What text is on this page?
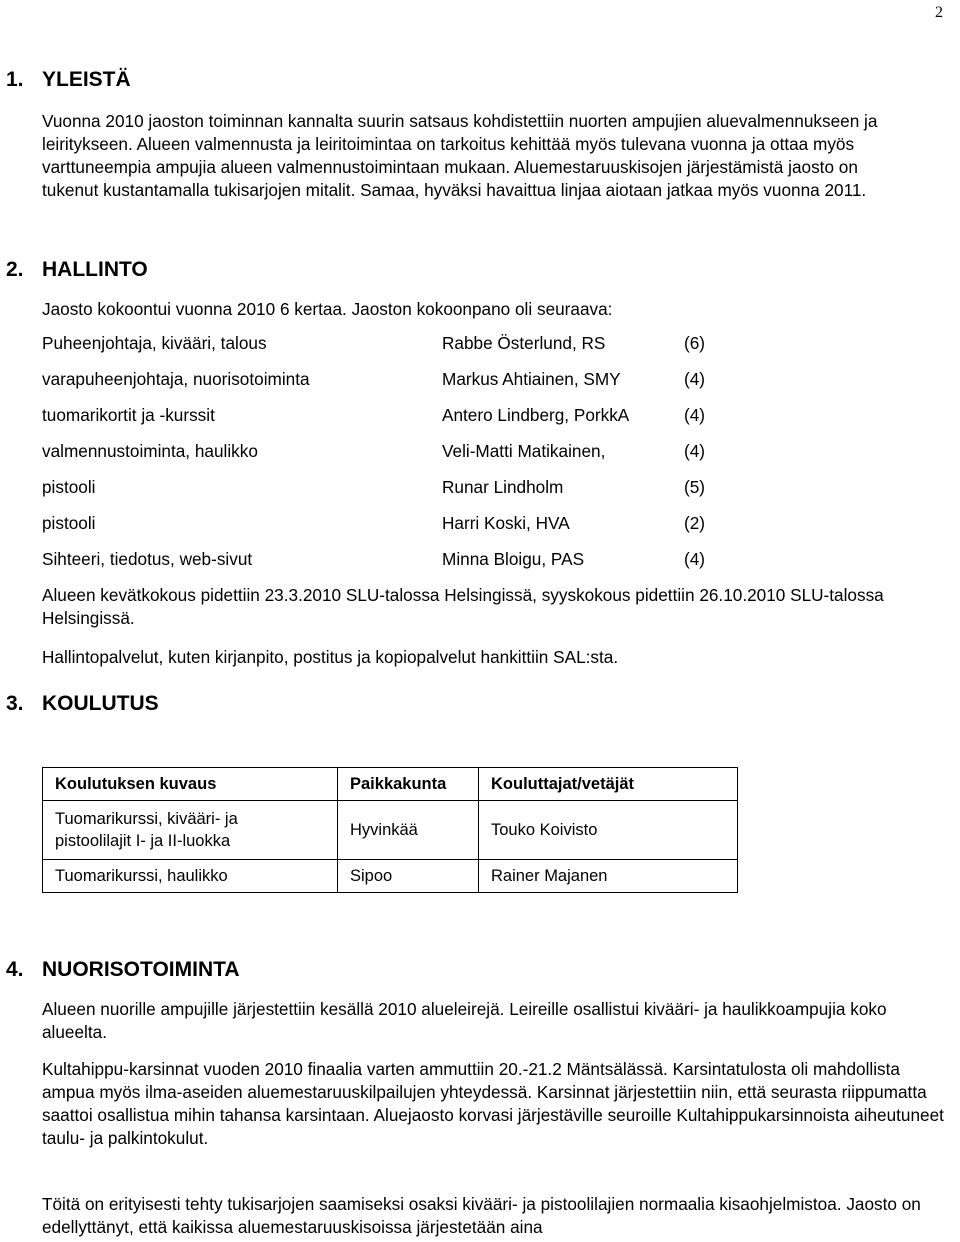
2
1. YLEISTÄ
Vuonna 2010 jaoston toiminnan kannalta suurin satsaus kohdistettiin nuorten ampujien aluevalmennukseen ja leiritykseen. Alueen valmennusta ja leiritoimintaa on tarkoitus kehittää myös tulevana vuonna ja ottaa myös varttuneempia ampujia alueen valmennustoimintaan mukaan. Aluemestaruuskisojen järjestämistä jaosto on tukenut kustantamalla tukisarjojen mitalit. Samaa, hyväksi havaittua linjaa aiotaan jatkaa myös vuonna 2011.
2. HALLINTO
Jaosto kokoontui vuonna 2010 6 kertaa. Jaoston kokoonpano oli seuraava:
Puheenjohtaja, kivääri, talous	Rabbe Österlund, RS	(6)
varapuheenjohtaja, nuorisotoiminta	Markus Ahtiainen, SMY	(4)
tuomarikortit ja -kurssit	Antero Lindberg, PorkkA	(4)
valmennustoiminta, haulikko	Veli-Matti Matikainen,	(4)
pistooli	Runar Lindholm	(5)
pistooli	Harri Koski, HVA	(2)
Sihteeri, tiedotus, web-sivut	Minna Bloigu, PAS	(4)
Alueen kevätkokous pidettiin 23.3.2010 SLU-talossa Helsingissä, syyskokous pidettiin 26.10.2010 SLU-talossa Helsingissä.
Hallintopalvelut, kuten kirjanpito, postitus ja kopiopalvelut hankittiin SAL:sta.
3. KOULUTUS
Koulutuksen kuvaus	Paikkakunta	Kouluttajat/vetäjät
Tuomarikurssi, kivääri- ja
pistoolilajit I- ja II-luokka	Hyvinkää	Touko Koivisto
Tuomarikurssi, haulikko	Sipoo	Rainer Majanen
4. NUORISOTOIMINTA
Alueen nuorille ampujille järjestettiin kesällä 2010 alueleirejä. Leireille osallistui kivääri- ja haulikkoampujia koko alueelta.
Kultahippu-karsinnat vuoden 2010 finaalia varten ammuttiin 20.-21.2 Mäntsälässä. Karsintatulosta oli mahdollista ampua myös ilma-aseiden aluemestaruuskilpailujen yhteydessä. Karsinnat järjestettiin niin, että seurasta riippumatta saattoi osallistua mihin tahansa karsintaan. Aluejaosto korvasi järjestäville seuroille Kultahippukarsinnoista aiheutuneet taulu- ja palkintokulut.
Töitä on erityisesti tehty tukisarjojen saamiseksi osaksi kivääri- ja pistoolilajien normaalia kisaohjelmistoa. Jaosto on edellyttänyt, että kaikissa aluemestaruuskisoissa järjestetään aina
